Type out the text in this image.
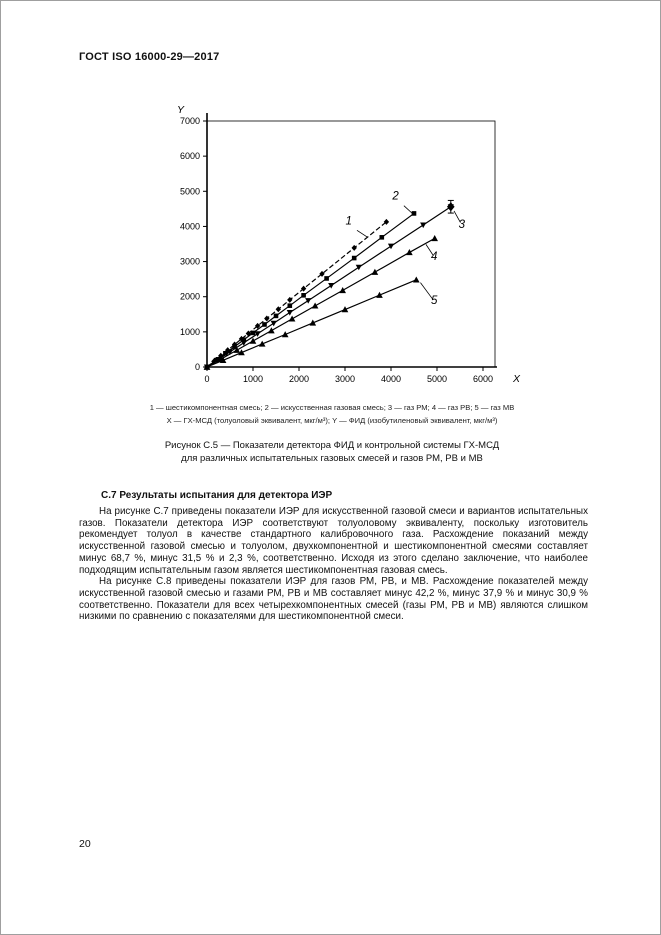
ГОСТ ISO 16000-29—2017
0	1000	2000	3000	4000	5000	6000
0
1000
2000
3000
4000
5000
6000
7000
Y
X
1
2
3
4
5
1 — шестикомпонентная смесь; 2 — искусственная газовая смесь; 3 — газ РМ; 4 — газ РВ; 5 — газ МВ
X — ГХ-МСД (толуоловый эквивалент, мкг/м³); Y — ФИД (изобутиленовый эквивалент, мкг/м³)
Рисунок С.5 — Показатели детектора ФИД и контрольной системы ГХ-МСД
для различных испытательных газовых смесей и газов РМ, РВ и МВ
С.7 Результаты испытания для детектора ИЭР

На рисунке С.7 приведены показатели ИЭР для искусственной газовой смеси и вариантов испытательных газов. Показатели детектора ИЭР соответствуют толуоловому эквиваленту, поскольку изготовитель рекомендует толуол в качестве стандартного калибровочного газа. Расхождение показаний между искусственной газовой смесью и толуолом, двухкомпонентной и шестикомпонентной смесями составляет минус 68,7 %, минус 31,5 % и 2,3 %, соответственно. Исходя из этого сделано заключение, что наиболее подходящим испытательным газом является шестикомпонентная газовая смесь.

На рисунке С.8 приведены показатели ИЭР для газов РМ, РВ, и МВ. Расхождение показателей между искусственной газовой смесью и газами РМ, РВ и МВ составляет минус 42,2 %, минус 37,9 % и минус 30,9 % соответственно. Показатели для всех четырехкомпонентных смесей (газы РМ, РВ и МВ) являются слишком низкими по сравнению с показателями для шестикомпонентной смеси.

20
